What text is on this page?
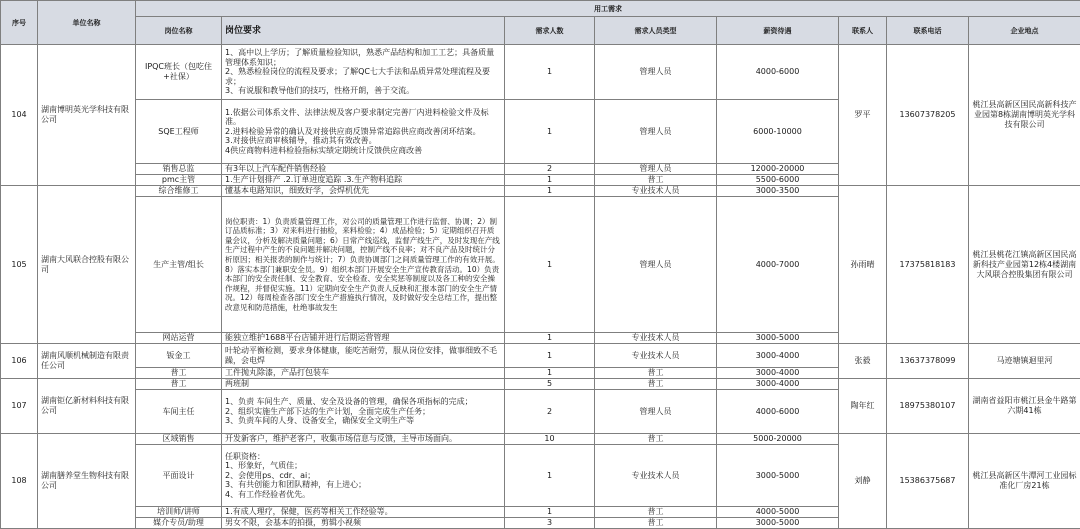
序号	单位名称	用工需求							
		岗位名称	岗位要求	需求人数	需求人员类型	薪资待遇	联系人	联系电话	企业地点
104	湖南博明英光学科技有限公司	IPQC班长（包吃住+社保）	1、高中以上学历；了解质量检验知识，熟悉产品结构和加工工艺；具备质量管理体系知识；
2、熟悉检验岗位的流程及要求；了解QC七大手法和品质异常处理流程及要求；
3、有说服和教导他们的技巧，性格开朗，善于交流。	1	管理人员	4000-6000	罗平	13607378205	桃江县高新区国民高新科技产业园第8栋湖南博明英光学科技有限公司
		SQE工程师	1.依据公司体系文件、法律法规及客户要求制定完善厂内进料检验文件及标准。
2.进料检验异常的确认及对接供应商反馈异常追踪供应商改善闭环结案。
3.对接供应商审核辅导，推动其有效改善。
4供应商物料进料检验指标实绩定期统计反馈供应商改善	1	管理人员	6000-10000			
		销售总监	有3年以上汽车配件销售经验	2	管理人员	12000-20000			
		pmc主管	1.生产计划排产 .2.订单进度追踪 .3.生产物料追踪	1	普工	5500-6000			
105	湖南大风联合控股有限公司	综合维修工	懂基本电路知识，细致好学，会焊机优先	1	专业技术人员	3000-3500	孙雨晴	17375818183	桃江县桃花江镇高新区国民高新科技产业园第12栋4楼湖南大风联合控股集团有限公司
		生产主管/组长	岗位职责：1）负责质量管理工作，对公司的质量管理工作进行监督、协调；2）制订品质标准；3）对来料进行抽检，来料检验；4）成品检验；5）定期组织召开质量会议，分析及解决质量问题；6）日常产线巡线，监督产线生产，及时发现在产线生产过程中产生的不良问题并解决问题，控制产线不良率；对不良产品及时统计分析原因；相关报表的制作与统计；7）负责协调部门之间质量管理工作的有效开展。8）落实本部门兼职安全员。9）组织本部门开展安全生产宣传教育活动。10）负责本部门的安全责任制、安全教育、安全检查、安全奖惩等制度以及各工种的安全操作规程，并督促实施。11）定期向安全生产负责人反映和汇报本部门的安全生产情况。12）每周检查各部门安全生产措施执行情况，及时做好安全总结工作，提出整改意见和防范措施，杜绝事故发生	1	管理人员	4000-7000			
		网站运营	能独立维护1688平台店铺并进行后期运营管理	1	专业技术人员	3000-5000			
106	湖南风顺机械制造有限责任公司	钣金工	叶轮动平衡检测，要求身体健康，能吃苦耐劳，服从岗位安排，做事细致不毛躁，会电焊	1	专业技术人员	3000-4000	张毅	13637378099	马迹塘镇迴里河
		普工	工件抛丸除漆，产品打包装车	1	普工	3000-4000			
107	湖南钜亿新材料科技有限公司	普工	两班制	5	普工	3000-4000	陶年红	18975380107	湖南省益阳市桃江县金牛路第六期41栋
		车间主任	1、负责 车间生产、质量、安全及设备的管理，确保各项指标的完成；
2、组织实施生产部下达的生产计划，全面完成生产任务；
3、负责车间的人身、设备安全，确保安全文明生产等	2	管理人员	4000-6000			
108	湖南膳养堂生物科技有限公司	区域销售	开发新客户，维护老客户，收集市场信息与反馈，主导市场面向。	10	普工	5000-20000	刘静	15386375687	桃江县高新区牛潭河工业园标准化厂房21栋
		平面设计	任职资格：
1、形象好，气质佳；
2、会使用ps、cdr、ai；
3、有共创能力和团队精神，有上进心；
4、有工作经验者优先。	1	专业技术人员	3000-5000			
		培训师/讲师	1.有成人理疗，保健，医药等相关工作经验等。	1	普工	4000-5000			
		媒介专员/助理	男女不限，会基本的拍摄，剪辑小视频	3	普工	3000-5000			
